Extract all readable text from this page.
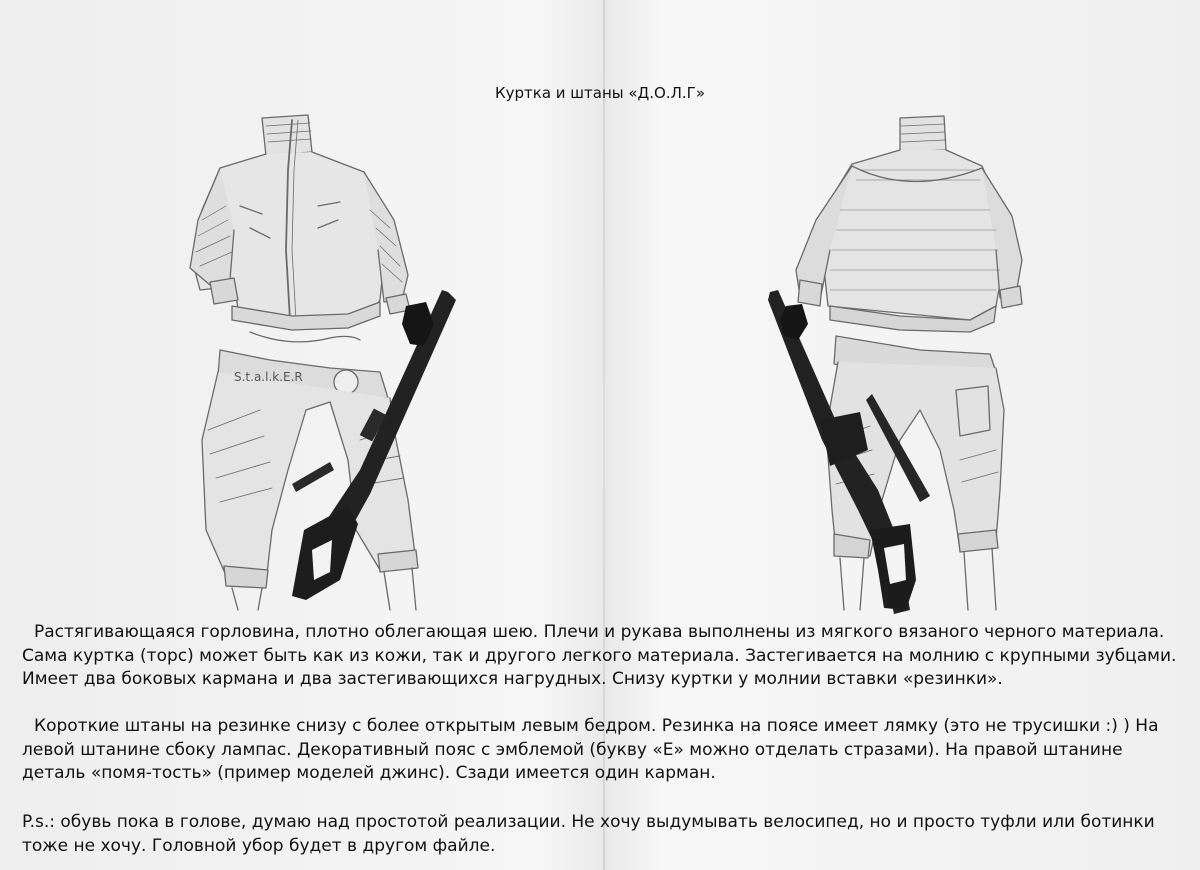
Куртка и штаны «Д.О.Л.Г»
S.t.a.l.k.E.R

Растягивающаяся горловина, плотно облегающая шею. Плечи и рукава выполнены из мягкого вязаного черного материала. Сама куртка (торс) может быть как из кожи, так и другого легкого материала. Застегивается на молнию с крупными зубцами. Имеет два боковых кармана и два застегивающихся нагрудных. Снизу куртки у молнии вставки «резинки».

Короткие штаны на резинке снизу с более открытым левым бедром. Резинка на поясе имеет лямку (это не трусишки :) ) На левой штанине сбоку лампас. Декоративный пояс с эмблемой (букву «Е» можно отделать стразами). На правой штанине деталь «помя-тость» (пример моделей джинс). Сзади имеется один карман.

P.s.: обувь пока в голове, думаю над простотой реализации. Не хочу выдумывать велосипед, но и просто туфли или ботинки тоже не хочу. Головной убор будет в другом файле.
